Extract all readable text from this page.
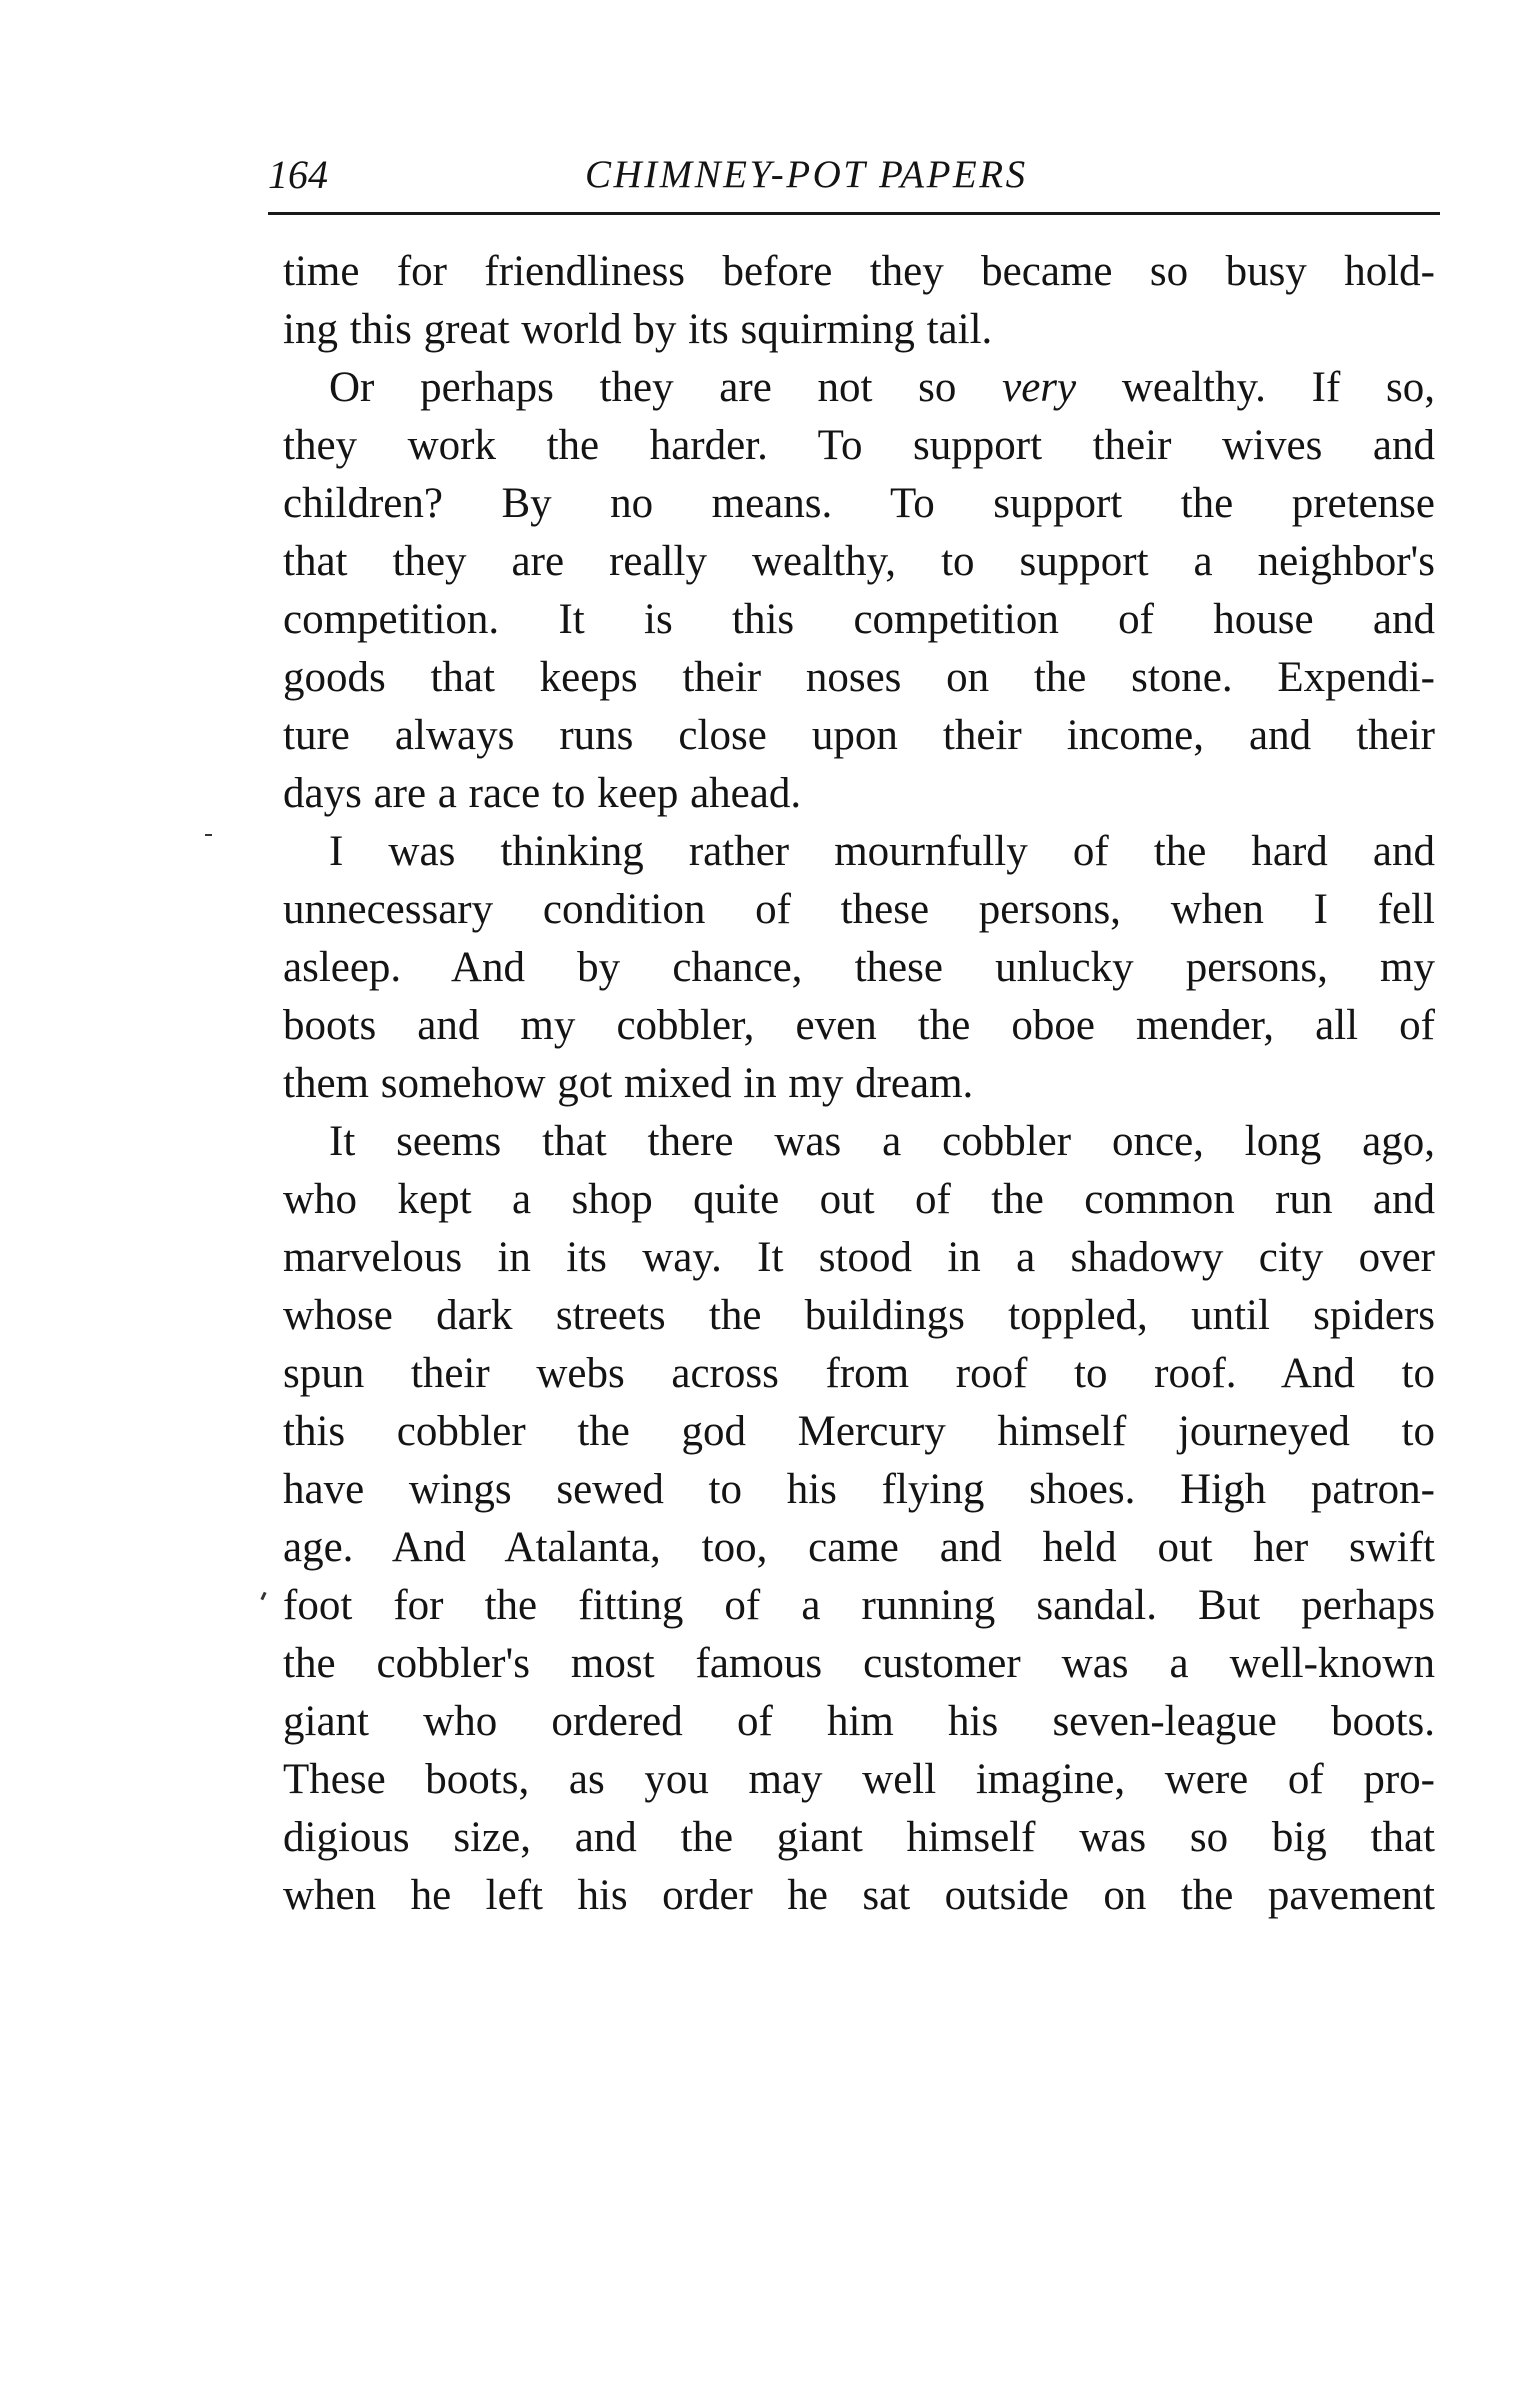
164	CHIMNEY-POT PAPERS
time for friendliness before they became so busy hold-
ing this great world by its squirming tail.
Or perhaps they are not so very wealthy. If so,
they work the harder. To support their wives and
children? By no means. To support the pretense
that they are really wealthy, to support a neighbor's
competition. It is this competition of house and
goods that keeps their noses on the stone. Expendi-
ture always runs close upon their income, and their
days are a race to keep ahead.
I was thinking rather mournfully of the hard and
unnecessary condition of these persons, when I fell
asleep. And by chance, these unlucky persons, my
boots and my cobbler, even the oboe mender, all of
them somehow got mixed in my dream.
It seems that there was a cobbler once, long ago,
who kept a shop quite out of the common run and
marvelous in its way. It stood in a shadowy city over
whose dark streets the buildings toppled, until spiders
spun their webs across from roof to roof. And to
this cobbler the god Mercury himself journeyed to
have wings sewed to his flying shoes. High patron-
age. And Atalanta, too, came and held out her swift
foot for the fitting of a running sandal. But perhaps
the cobbler's most famous customer was a well-known
giant who ordered of him his seven-league boots.
These boots, as you may well imagine, were of pro-
digious size, and the giant himself was so big that
when he left his order he sat outside on the pavement
